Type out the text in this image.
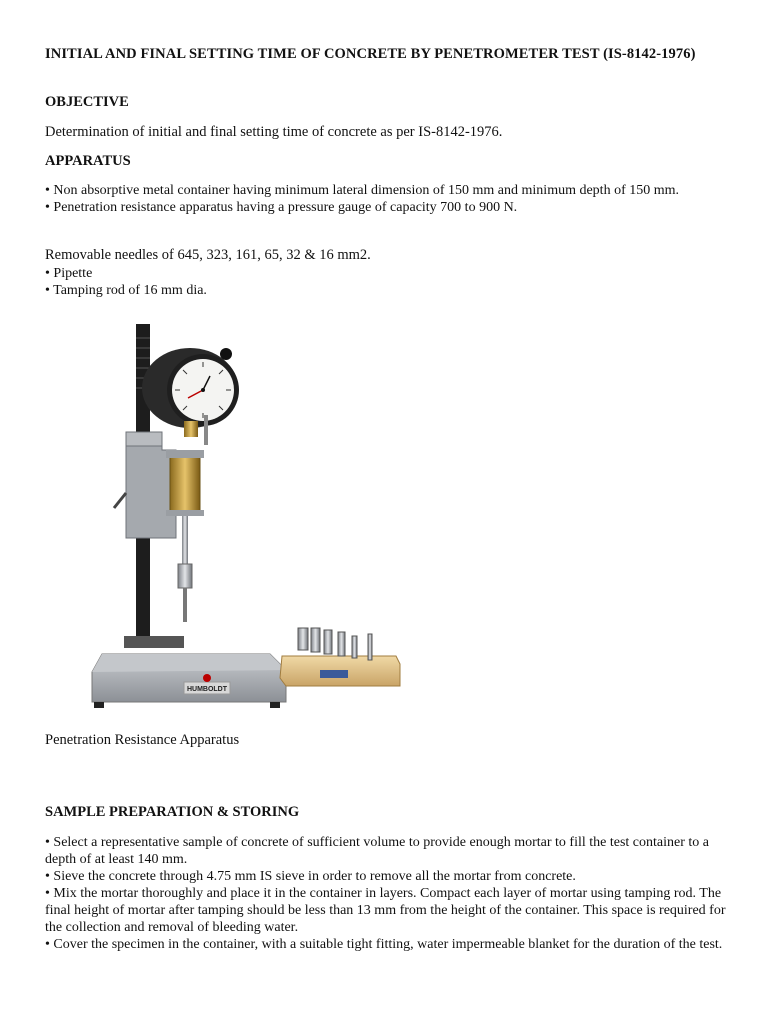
INITIAL AND FINAL SETTING TIME OF CONCRETE BY PENETROMETER TEST (IS-8142-1976)
OBJECTIVE
Determination of initial and final setting time of concrete as per IS-8142-1976.
APPARATUS
• Non absorptive metal container having minimum lateral dimension of 150 mm and minimum depth of 150 mm.
• Penetration resistance apparatus having a pressure gauge of capacity 700 to 900 N.
Removable needles of 645, 323, 161, 65, 32 & 16 mm2.
• Pipette
• Tamping rod of 16 mm dia.
HUMBOLDT
Penetration Resistance Apparatus
SAMPLE PREPARATION & STORING
• Select a representative sample of concrete of sufficient volume to provide enough mortar to fill the test container to a depth of at least 140 mm.
• Sieve the concrete through 4.75 mm IS sieve in order to remove all the mortar from concrete.
• Mix the mortar thoroughly and place it in the container in layers. Compact each layer of mortar using tamping rod. The final height of mortar after tamping should be less than 13 mm from the height of the container. This space is required for the collection and removal of bleeding water.
• Cover the specimen in the container, with a suitable tight fitting, water impermeable blanket for the duration of the test.
